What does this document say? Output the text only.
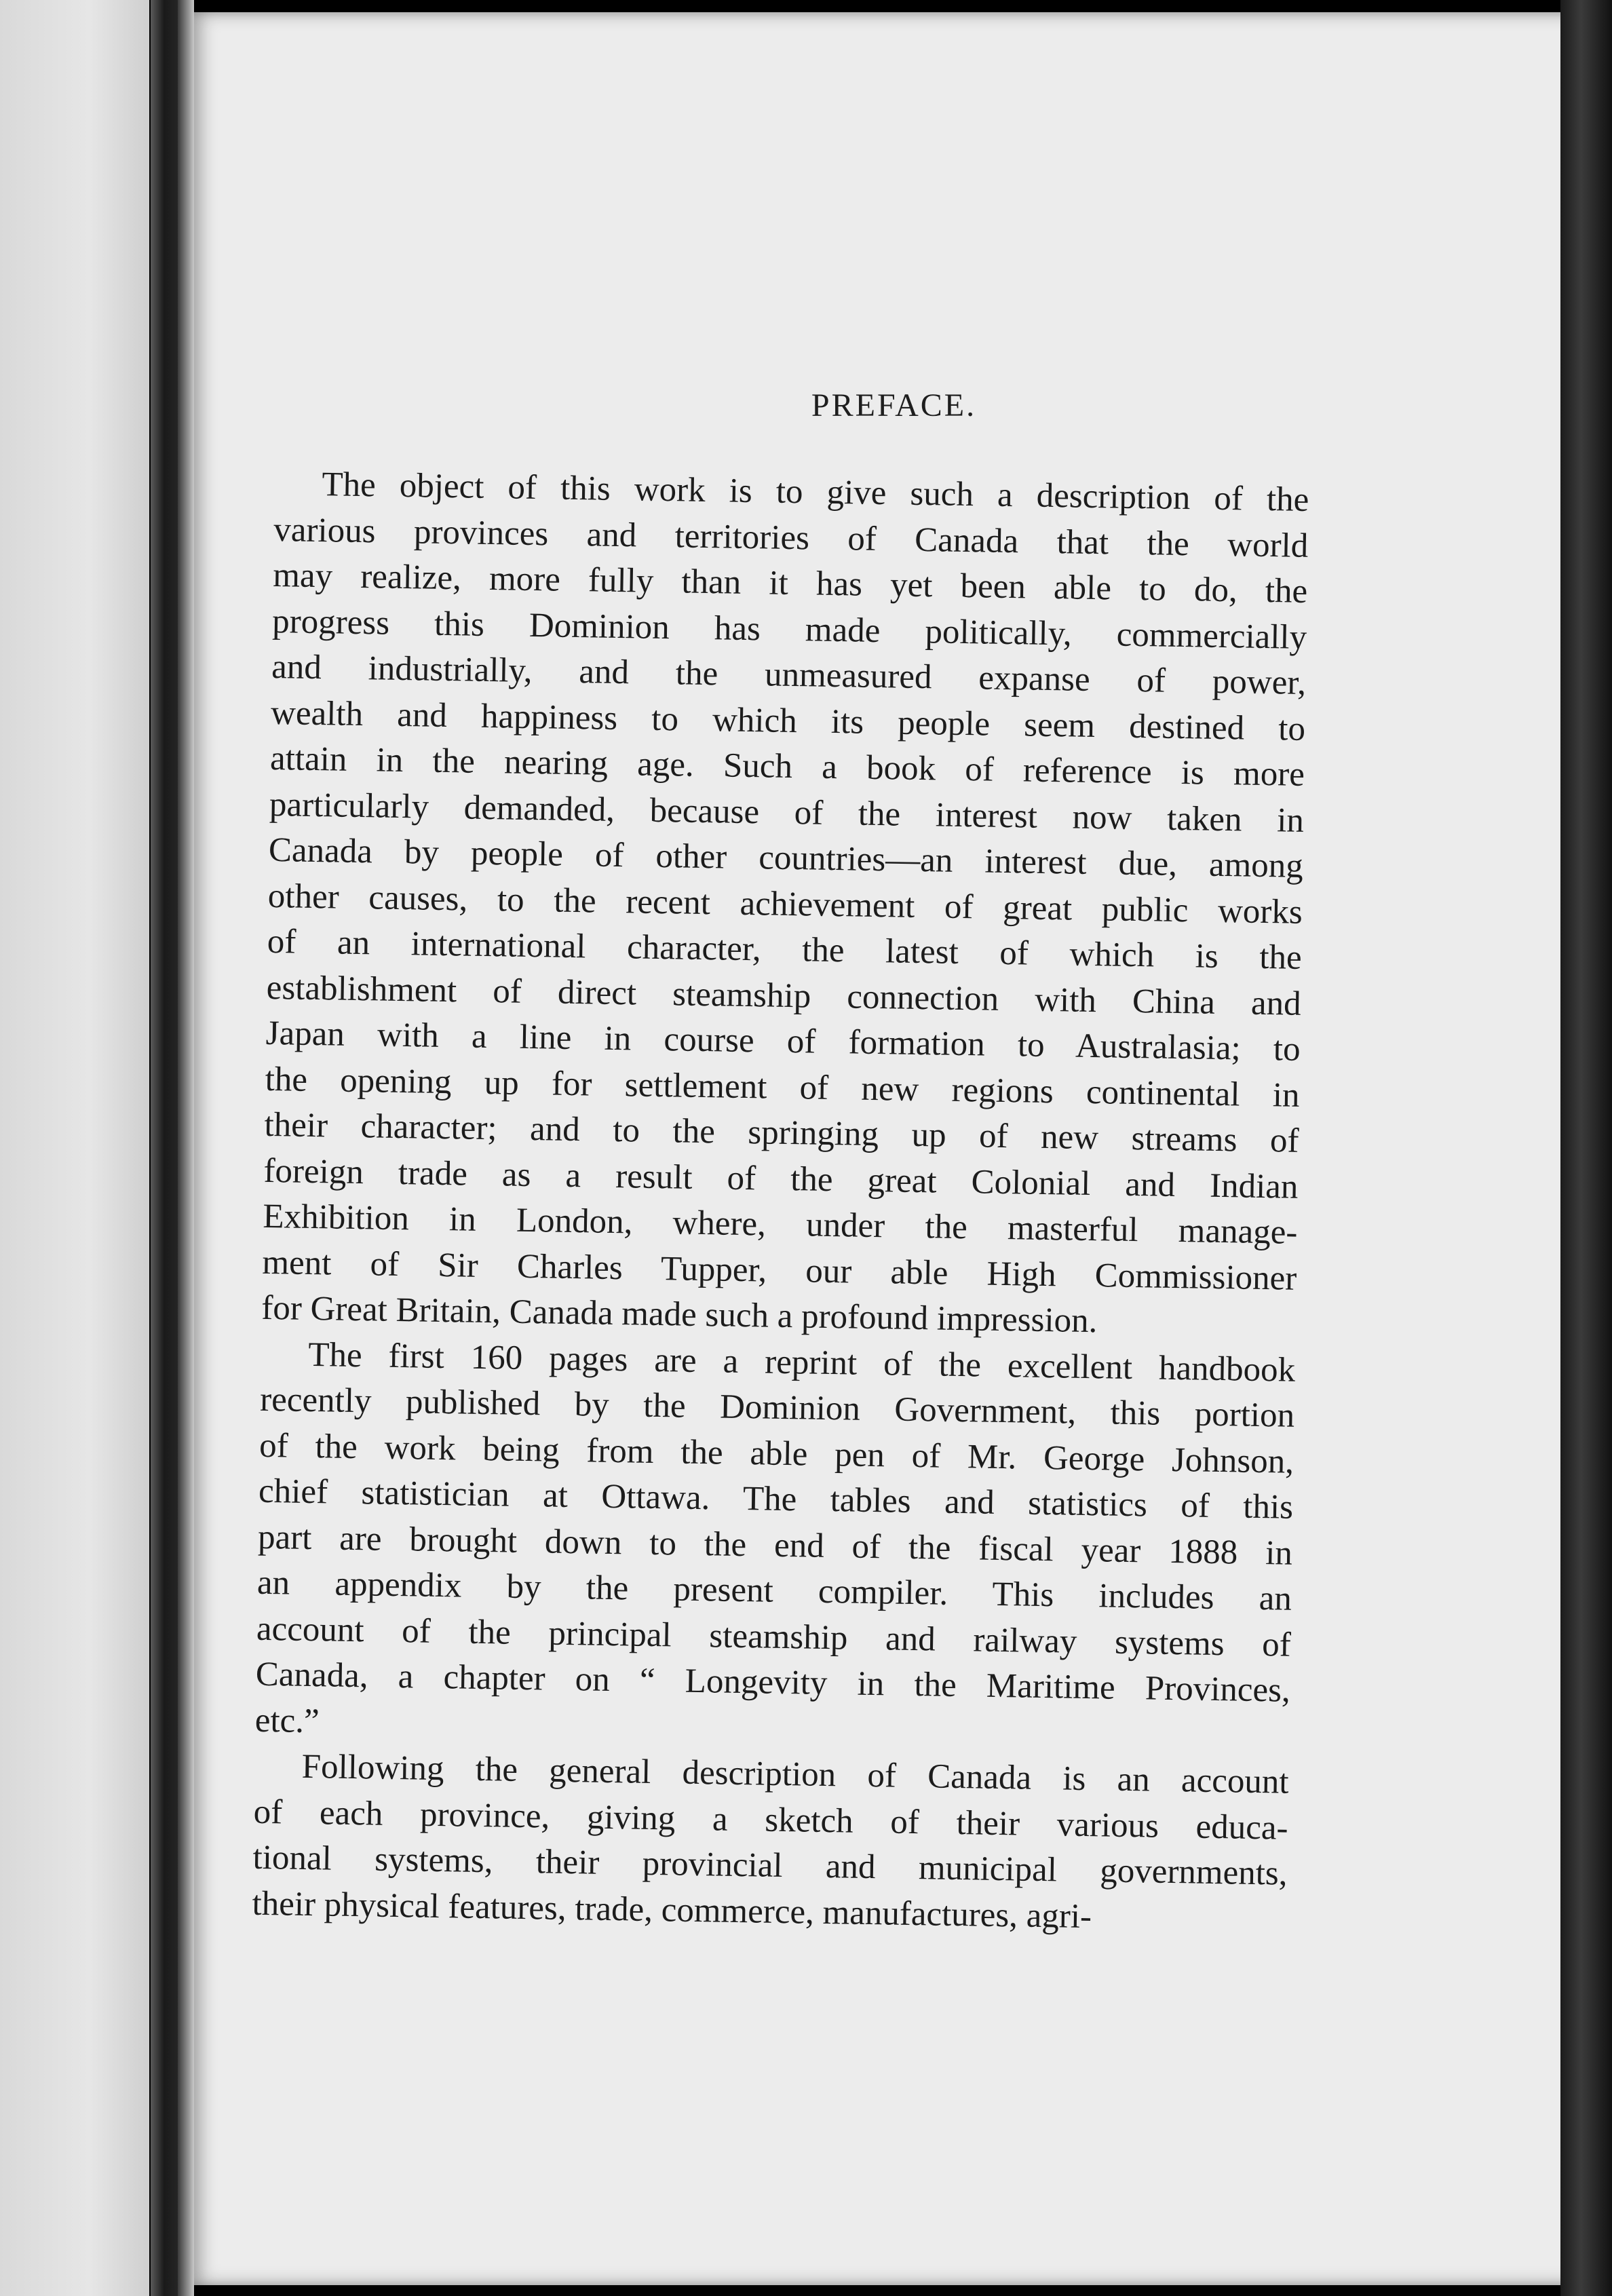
PREFACE.
The object of this work is to give such a description of the
various provinces and territories of Canada that the world
may realize, more fully than it has yet been able to do, the
progress this Dominion has made politically, commercially
and industrially, and the unmeasured expanse of power,
wealth and happiness to which its people seem destined to
attain in the nearing age. Such a book of reference is more
particularly demanded, because of the interest now taken in
Canada by people of other countries—an interest due, among
other causes, to the recent achievement of great public works
of an international character, the latest of which is the
establishment of direct steamship connection with China and
Japan with a line in course of formation to Australasia; to
the opening up for settlement of new regions continental in
their character; and to the springing up of new streams of
foreign trade as a result of the great Colonial and Indian
Exhibition in London, where, under the masterful manage-
ment of Sir Charles Tupper, our able High Commissioner
for Great Britain, Canada made such a profound impression.
The first 160 pages are a reprint of the excellent handbook
recently published by the Dominion Government, this portion
of the work being from the able pen of Mr. George Johnson,
chief statistician at Ottawa. The tables and statistics of this
part are brought down to the end of the fiscal year 1888 in
an appendix by the present compiler. This includes an
account of the principal steamship and railway systems of
Canada, a chapter on “ Longevity in the Maritime Provinces,
etc.”
Following the general description of Canada is an account
of each province, giving a sketch of their various educa-
tional systems, their provincial and municipal governments,
their physical features, trade, commerce, manufactures, agri-
